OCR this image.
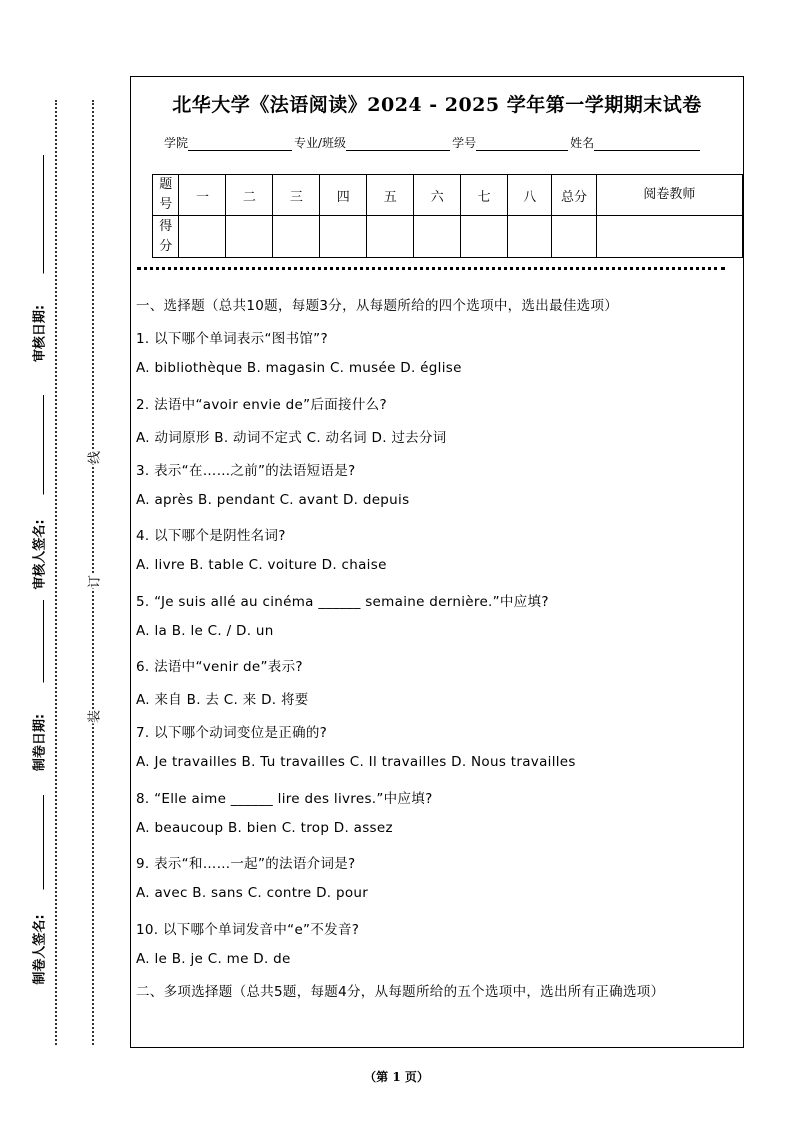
审核日期:
审核人签名:
制卷日期:
制卷人签名:
线
订
装
北华大学《法语阅读》2024 - 2025 学年第一学期期末试卷
学院	专业/班级	学号	姓名
题号	一	二	三	四	五	六	七	八	总分	阅卷教师
得分										
一、选择题（总共10题，每题3分，从每题所给的四个选项中，选出最佳选项）
1. 以下哪个单词表示“图书馆”?
A. bibliothèque B. magasin C. musée D. église
2. 法语中“avoir envie de”后面接什么?
A. 动词原形 B. 动词不定式 C. 动名词 D. 过去分词
3. 表示“在……之前”的法语短语是?
A. après B. pendant C. avant D. depuis
4. 以下哪个是阴性名词?
A. livre B. table C. voiture D. chaise
5. “Je suis allé au cinéma ______ semaine dernière.”中应填?
A. la B. le C. / D. un
6. 法语中“venir de”表示?
A. 来自 B. 去 C. 来 D. 将要
7. 以下哪个动词变位是正确的?
A. Je travailles B. Tu travailles C. Il travailles D. Nous travailles
8. “Elle aime ______ lire des livres.”中应填?
A. beaucoup B. bien C. trop D. assez
9. 表示“和……一起”的法语介词是?
A. avec B. sans C. contre D. pour
10. 以下哪个单词发音中“e”不发音?
A. le B. je C. me D. de
二、多项选择题（总共5题，每题4分，从每题所给的五个选项中，选出所有正确选项）
（第 1 页）
